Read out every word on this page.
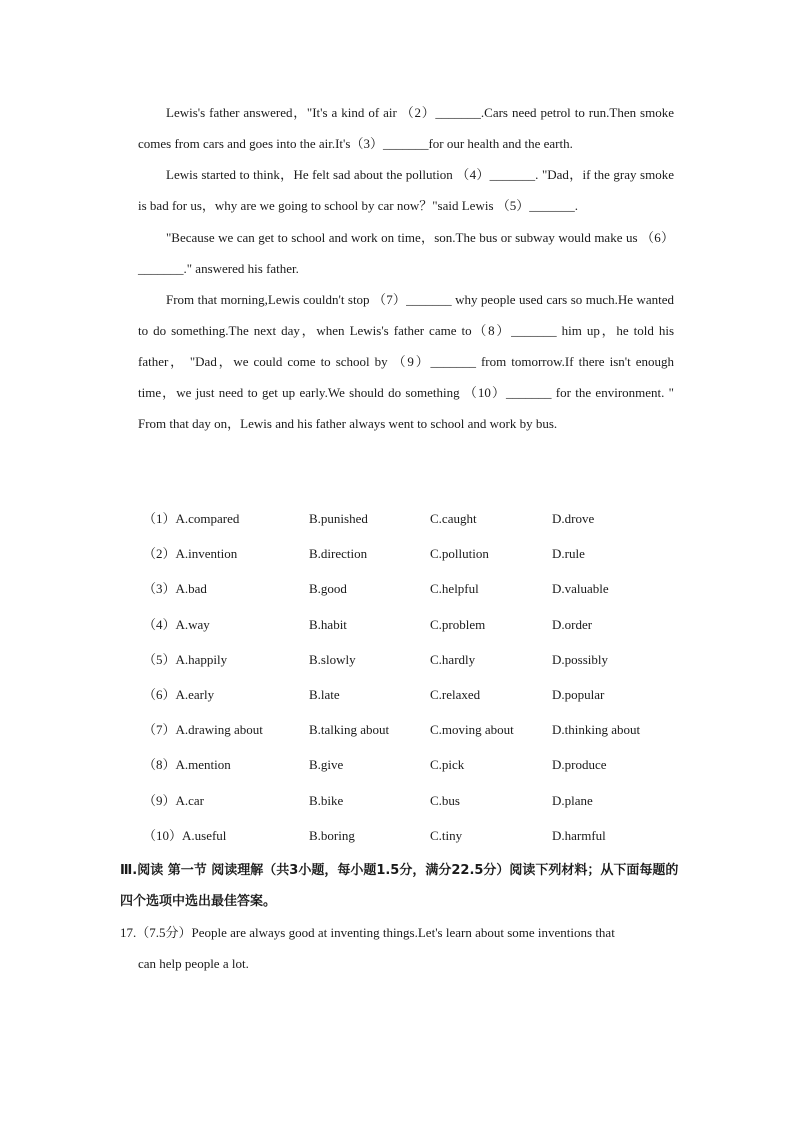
Lewis's father answered，"It's a kind of air （2）_______.Cars need petrol to run.Then smoke comes from cars and goes into the air.It's（3）_______for our health and the earth.

Lewis started to think，He felt sad about the pollution （4）_______. "Dad，if the gray smoke is bad for us，why are we going to school by car now？"said Lewis （5）_______.

"Because we can get to school and work on time，son.The bus or subway would make us （6）_______." answered his father.

From that morning,Lewis couldn't stop （7）_______ why people used cars so much.He wanted to do something.The next day，when Lewis's father came to（8）_______ him up，he told his father， "Dad，we could come to school by （9）_______ from tomorrow.If there isn't enough time，we just need to get up early.We should do something （10）_______ for the environment. " From that day on，Lewis and his father always went to school and work by bus.

（1）A.compared	B.punished	C.caught	D.drove
（2）A.invention	B.direction	C.pollution	D.rule
（3）A.bad	B.good	C.helpful	D.valuable
（4）A.way	B.habit	C.problem	D.order
（5）A.happily	B.slowly	C.hardly	D.possibly
（6）A.early	B.late	C.relaxed	D.popular
（7）A.drawing about	B.talking about	C.moving about	D.thinking about
（8）A.mention	B.give	C.pick	D.produce
（9）A.car	B.bike	C.bus	D.plane
（10）A.useful	B.boring	C.tiny	D.harmful

Ⅲ.阅读 第一节 阅读理解（共3小题，每小题1.5分，满分22.5分）阅读下列材料；从下面每题的四个选项中选出最佳答案。

17.（7.5分）People are always good at inventing things.Let's learn about some inventions that
can help people a lot.
